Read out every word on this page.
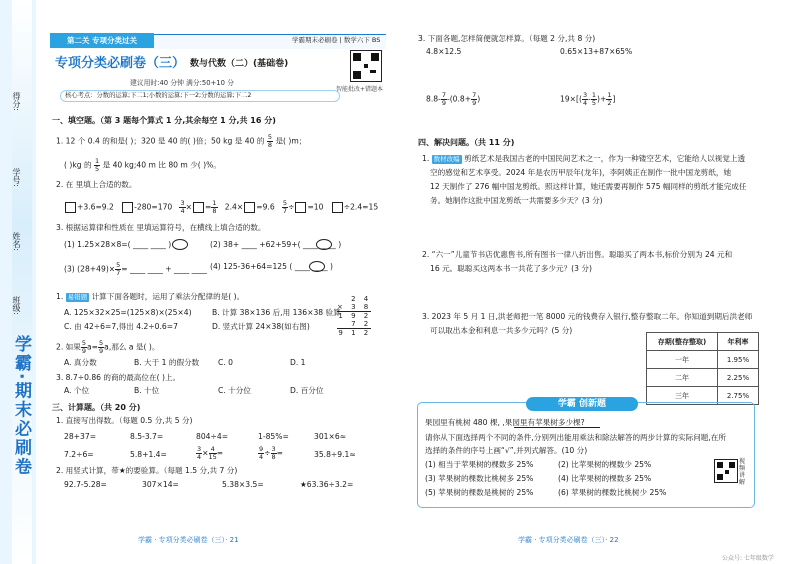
得分:
学号:
姓名:
班级:
学霸·期末必刷卷
第二关 专项分类过关	学霸期末必刷卷 | 数学六下 BS
专项分类必刷卷（三） 数与代数（二）(基础卷)
建议用时:40 分钟 满分:50+10 分
核心考点：分数的运算;下二1;小数的运算;下一2;分数的运算;下二2
智能批改+错题本
一、填空题。（第 3 题每个算式 1 分,其余每空 1 分,共 16 分)
1. 12 个 0.4 的和是( )；320 是 40 的( )倍；50 kg 是 40 的 $\frac{5}{8}$ 是( )m；
( )kg 的 $\frac{1}{5}$ 是 40 kg;40 m 比 80 m 少( )%。
2. 在 里填上合适的数。
+3.6=9.2	$-280=170 \frac{3}{4}$ × = $\frac{1}{8} 2.4\times =9.6 \frac{5}{7} \div =10$	÷2.4=15
3. 根据运算律和性质在 里填运算符号，在横线上填合适的数。
(1) 1.25×28×8=( ____ ____ )	(2) 38+ ____ +62+59+( ____ ____ )
(3) $(28+49)\times \frac{5}{7}$ = ____ ____ + ____ ____ (4) 125-36+64=125 ( ____ ____ )
1. 易错题 计算下面各题时，运用了乘法分配律的是( )。
A. 125×32×25=(125×8)×(25×4)	B. 计算 38×136 后,用 136×38 验算
C. 由 42÷6=7,得出 4.2÷0.6=7	D. 竖式计算 24×38(如右图)
2 4
× 3 8
1 9 2
7 2
9 1 2
2. 如果 $\frac{5}{9} a= \frac{5}{9} a$,那么 a 是( )。
A. 真分数	B. 大于 1 的假分数 C. 0	D. 1
3. 8.7÷0.86 的商的最高位在( )上。
A. 个位	B. 十位	C. 十分位	D. 百分位
三、计算题。（共 20 分)
1. 直接写出得数。（每题 0.5 分,共 5 分)
28+37=	8.5-3.7=	804÷4=	1-85%=	301×6≈
7.2÷6=	5.8+1.4=	$\frac{3}{4} \times \frac{4}{15}$ =	$\frac{9}{4} \div \frac{3}{8}$ =	35.8÷9.1≈
2. 用竖式计算，带★的要验算。（每题 1.5 分,共 7 分)
92.7-5.28=	307×14=	5.38×3.5=	★63.36÷3.2=
3. 下面各题,怎样简便就怎样算。（每题 2 分,共 8 分)
4.8×12.5	0.65×13+87×65%
$8.8- \frac{7}{9} -(0.8+ \frac{7}{9}$ )	$19\times[( \frac{3}{4} - \frac{1}{5}$ )+ $\frac{1}{2}$ ]
四、解决问题。（共 11 分)
1. 数材改编 剪纸艺术是我国古老的中国民间艺术之一，作为一种镂空艺术，它能给人以视觉上透
空的感觉和艺术享受。2024 年是农历甲辰年(龙年)，李阿姨正在制作一批中国龙剪纸，她
12 天制作了 276 幅中国龙剪纸。照这样计算，她还需要再制作 575 幅同样的剪纸才能完成任
务。她制作这批中国龙剪纸一共需要多少天？(3 分)
2. “六一”儿童节书店优惠售书,所有图书一律八折出售。聪聪买了两本书,标价分别为 24 元和
16 元。聪聪买这两本书一共花了多少元？(3 分)
3. 2023 年 5 月 1 日,洪老师把一笔 8000 元的钱费存入银行,整存整取二年。你知道到期后洪老师
可以取出本金和利息一共多少元吗？(5 分)
存期(整存整取)	年利率
一年	1.95%
二年	2.25%
三年	2.75%
学霸 创新题
果园里有桃树 480 棵, ,果园里有苹果树多少棵?
请你从下面选择两个不同的条件,分别列出能用乘法和除法解答的两步计算的实际问题,在所
选择的条件的序号上画“√”,并列式解答。(10 分)
(1) 相当于苹果树的棵数多 25%	(2) 比苹果树的棵数少 25%
(3) 苹果树的棵数比桃树多 25%	(4) 比苹果树的棵数多 25%
(5) 苹果树的棵数是桃树的 25%	(6) 苹果树的棵数比桃树少 25%
视频讲解
学霸 · 专项分类必刷卷（三）· 21	学霸 · 专项分类必刷卷（三）· 22
公众号: 七年级数学
